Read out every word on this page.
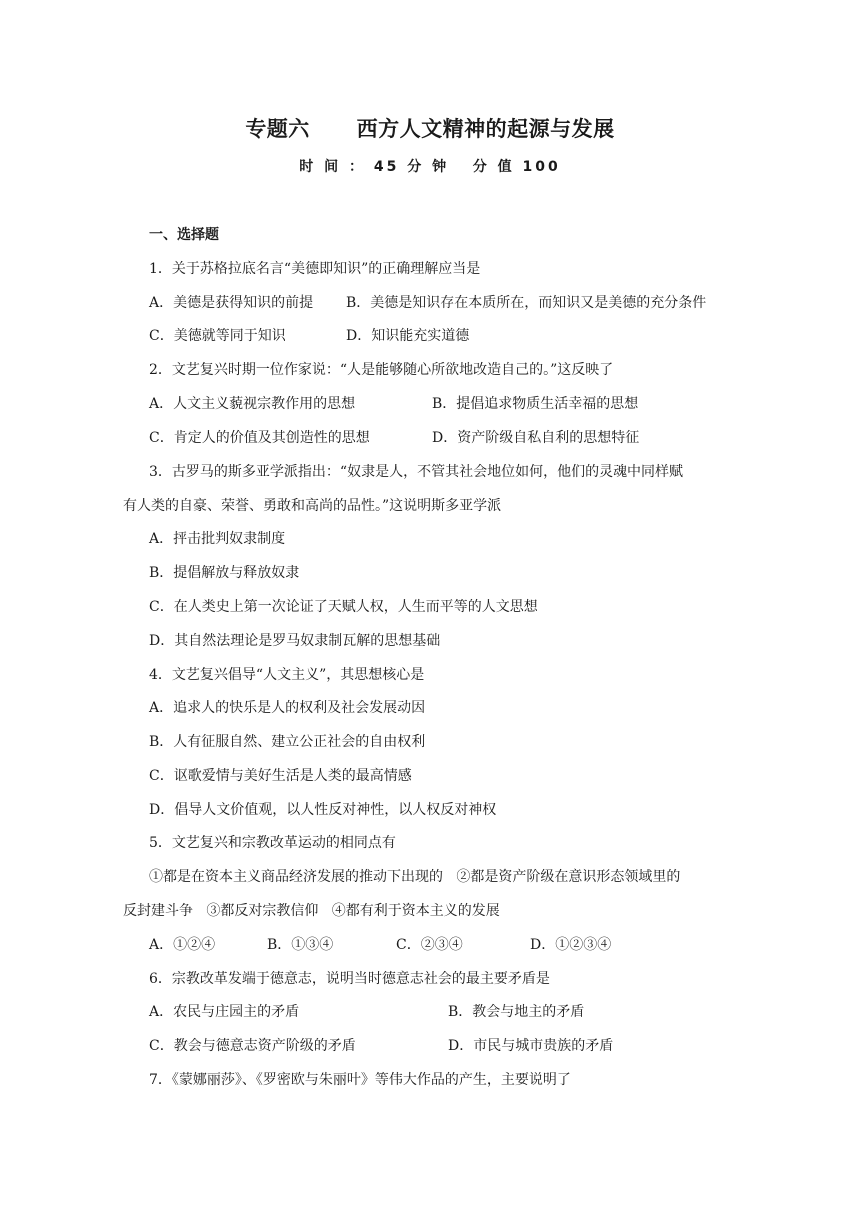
专题六      西方人文精神的起源与发展
时 间 ： 45 分 钟   分 值 100
一、选择题
1．关于苏格拉底名言“美德即知识”的正确理解应当是
A．美德是获得知识的前提 B．美德是知识存在本质所在，而知识又是美德的充分条件
C．美德就等同于知识	D．知识能充实道德
2．文艺复兴时期一位作家说：“人是能够随心所欲地改造自己的。”这反映了
A．人文主义藐视宗教作用的思想	B．提倡追求物质生活幸福的思想
C．肯定人的价值及其创造性的思想	D．资产阶级自私自利的思想特征
3．古罗马的斯多亚学派指出：“奴隶是人，不管其社会地位如何，他们的灵魂中同样赋
有人类的自豪、荣誉、勇敢和高尚的品性。”这说明斯多亚学派
A．抨击批判奴隶制度
B．提倡解放与释放奴隶
C．在人类史上第一次论证了天赋人权，人生而平等的人文思想
D．其自然法理论是罗马奴隶制瓦解的思想基础
4．文艺复兴倡导“人文主义”，其思想核心是
A．追求人的快乐是人的权利及社会发展动因
B．人有征服自然、建立公正社会的自由权利
C．讴歌爱情与美好生活是人类的最高情感
D．倡导人文价值观，以人性反对神性，以人权反对神权
5．文艺复兴和宗教改革运动的相同点有
①都是在资本主义商品经济发展的推动下出现的   ②都是资产阶级在意识形态领域里的
反封建斗争   ③都反对宗教信仰   ④都有利于资本主义的发展
A．①②④	B．①③④	C．②③④	D．①②③④
6．宗教改革发端于德意志，说明当时德意志社会的最主要矛盾是
A．农民与庄园主的矛盾	B．教会与地主的矛盾
C．教会与德意志资产阶级的矛盾	D．市民与城市贵族的矛盾
7．《蒙娜丽莎》、《罗密欧与朱丽叶》等伟大作品的产生，主要说明了
